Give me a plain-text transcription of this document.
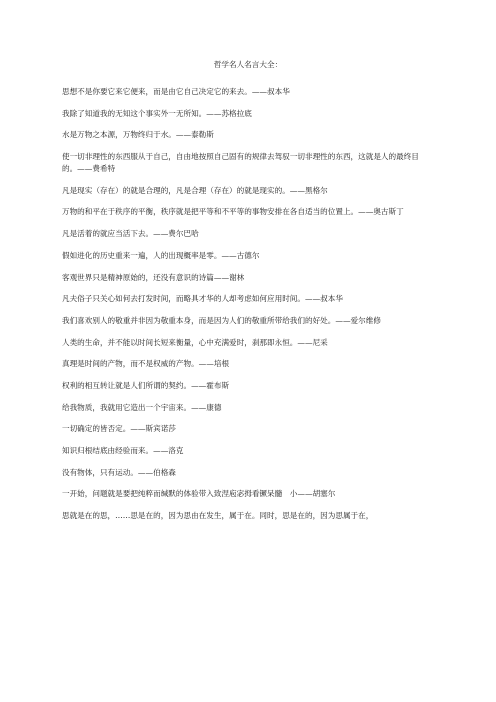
哲学名人名言大全：

思想不是你要它来它便来，而是由它自己决定它的来去。——叔本华

我除了知道我的无知这个事实外一无所知。——苏格拉底

水是万物之本源，万物终归于水。——泰勒斯

使一切非理性的东西服从于自己，自由地按照自己固有的规律去驾驭一切非理性的东西，这就是人的最终目的。——费希特

凡是现实（存在）的就是合理的，凡是合理（存在）的就是现实的。——黑格尔

万物的和平在于秩序的平衡，秩序就是把平等和不平等的事物安排在各自适当的位置上。——奥古斯丁

凡是活着的就应当活下去。——费尔巴哈

假如进化的历史重来一遍，人的出现概率是零。——古德尔

客观世界只是精神原始的，还没有意识的诗篇——谢林

凡夫俗子只关心如何去打发时间，而略具才华的人却考虑如何应用时间。——叔本华

我们喜欢别人的敬重并非因为敬重本身，而是因为人们的敬重所带给我们的好处。——爱尔维修

人类的生命，并不能以时间长短来衡量，心中充满爱时，刹那即永恒。——尼采

真理是时间的产物，而不是权威的产物。——培根

权利的相互转让就是人们所谓的契约。——霍布斯

给我物质，我就用它造出一个宇宙来。——康德

一切确定的皆否定。——斯宾诺莎

知识归根结底由经验而来。——洛克

没有物体，只有运动。——伯格森

一开始，问题就是要把纯粹而缄默的体验带入致涅庖宓拇看镢呆髓　小——胡塞尔

思就是在的思，……思是在的，因为思由在发生，属于在。同时，思是在的，因为思属于在，
